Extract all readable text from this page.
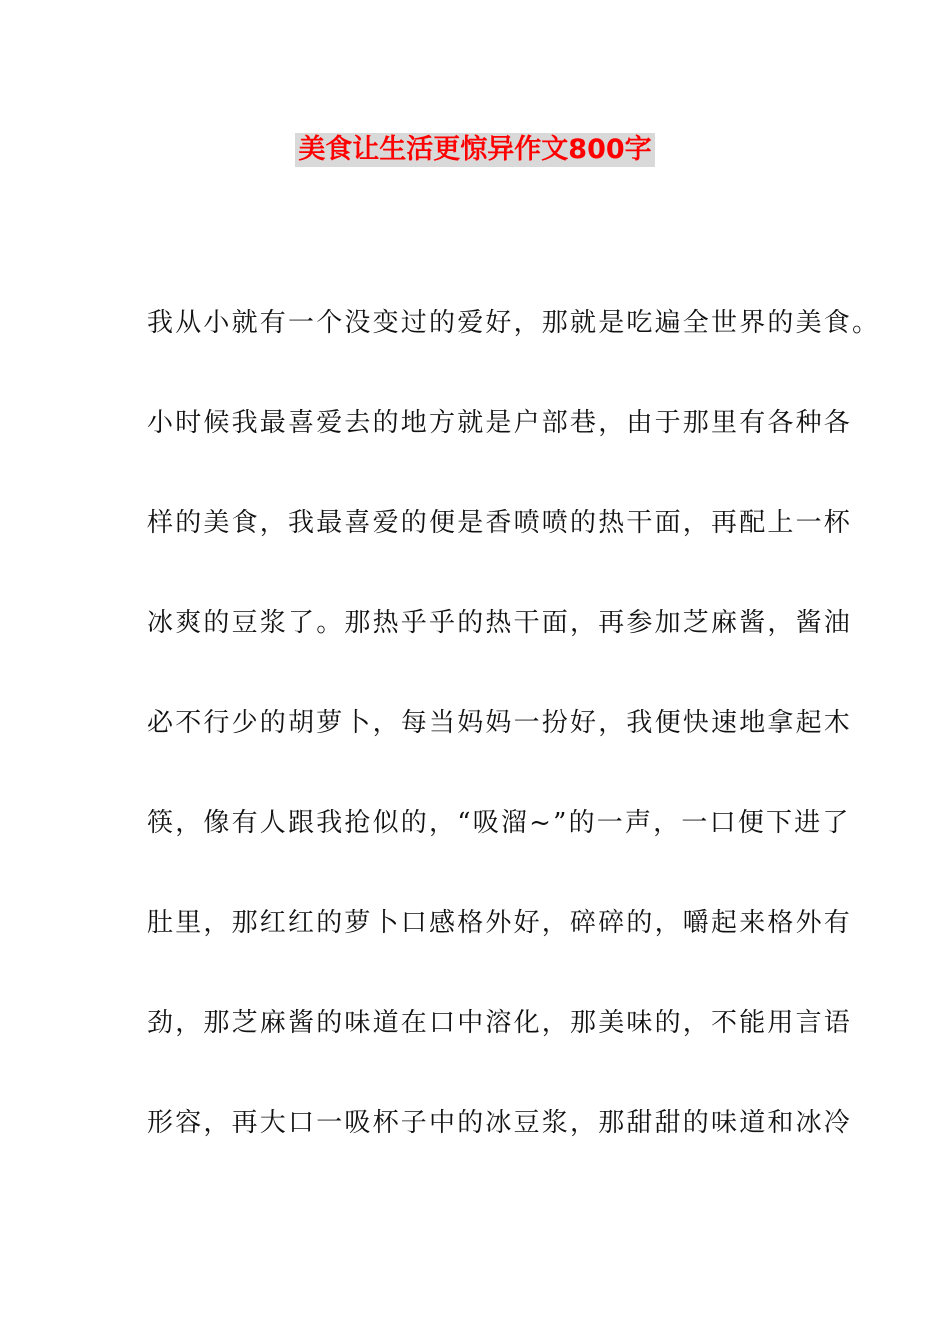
美食让生活更惊异作文800字
我从小就有一个没变过的爱好，那就是吃遍全世界的美食。
小时候我最喜爱去的地方就是户部巷，由于那里有各种各
样的美食，我最喜爱的便是香喷喷的热干面，再配上一杯
冰爽的豆浆了。那热乎乎的热干面，再参加芝麻酱，酱油
必不行少的胡萝卜，每当妈妈一扮好，我便快速地拿起木
筷，像有人跟我抢似的，“吸溜~”的一声，一口便下进了
肚里，那红红的萝卜口感格外好，碎碎的，嚼起来格外有
劲，那芝麻酱的味道在口中溶化，那美味的，不能用言语
形容，再大口一吸杯子中的冰豆浆，那甜甜的味道和冰冷
